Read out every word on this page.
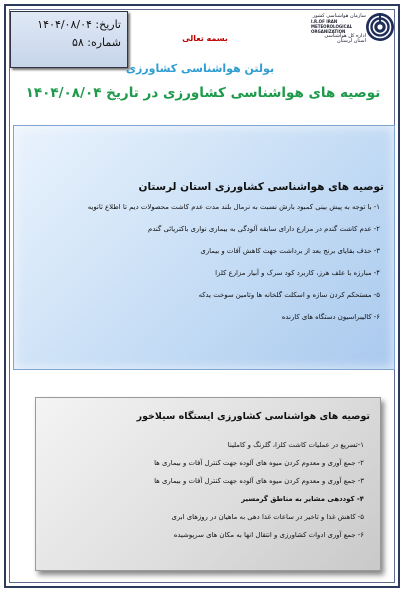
تاریخ: ۱۴۰۴/۰۸/۰۴
شماره: ۵۸
سازمان هواشناسی کشور
I.R.OF IRAN
METEOROLOGICAL
ORGANIZATION
اداره کل هواشناسی
استان لرستان
بسمه تعالی
بولتن هواشناسی کشاورزی
توصیه های هواشناسی کشاورزی در تاریخ ۱۴۰۴/۰۸/۰۴
توصیه های هواشناسی کشاورزی استان لرستان
۱- با توجه به پیش بینی کمبود بارش نسبت به نرمال بلند مدت عدم کاشت محصولات دیم تا اطلاع ثانویه
۲- عدم کاشت گندم در مزارع دارای سابقه آلودگی به بیماری نواری باکتریائی گندم
۳- حذف بقایای برنج بعد از برداشت جهت کاهش آفات و بیماری
۴- مبارزه با علف هرز، کاربرد کود سرک و آبیار مزارع کلزا
۵- مستحکم کردن سازه و اسکلت گلخانه ها وتامین سوخت یدکه
۶- کالیبراسیون دستگاه های کارنده
توصیه های هواشناسی کشاورزی ایستگاه سیلاخور
۱-تسریع در عملیات کاشت کلزا، گلرنگ و کاملینا
۲- جمع آوری و معدوم کردن میوه های آلوده جهت کنترل آفات و بیماری ها
۳- جمع آوری و معدوم کردن میوه های آلوده جهت کنترل آفات و بیماری ها
۴- کوددهی مشایر به مناطق گرمسیر
۵- کاهش غذا و تاخیر در ساعات غذا دهی به ماهیان در روزهای ابری
۶- جمع آوری ادوات کشاورزی و انتقال انها به مکان های سرپوشیده
